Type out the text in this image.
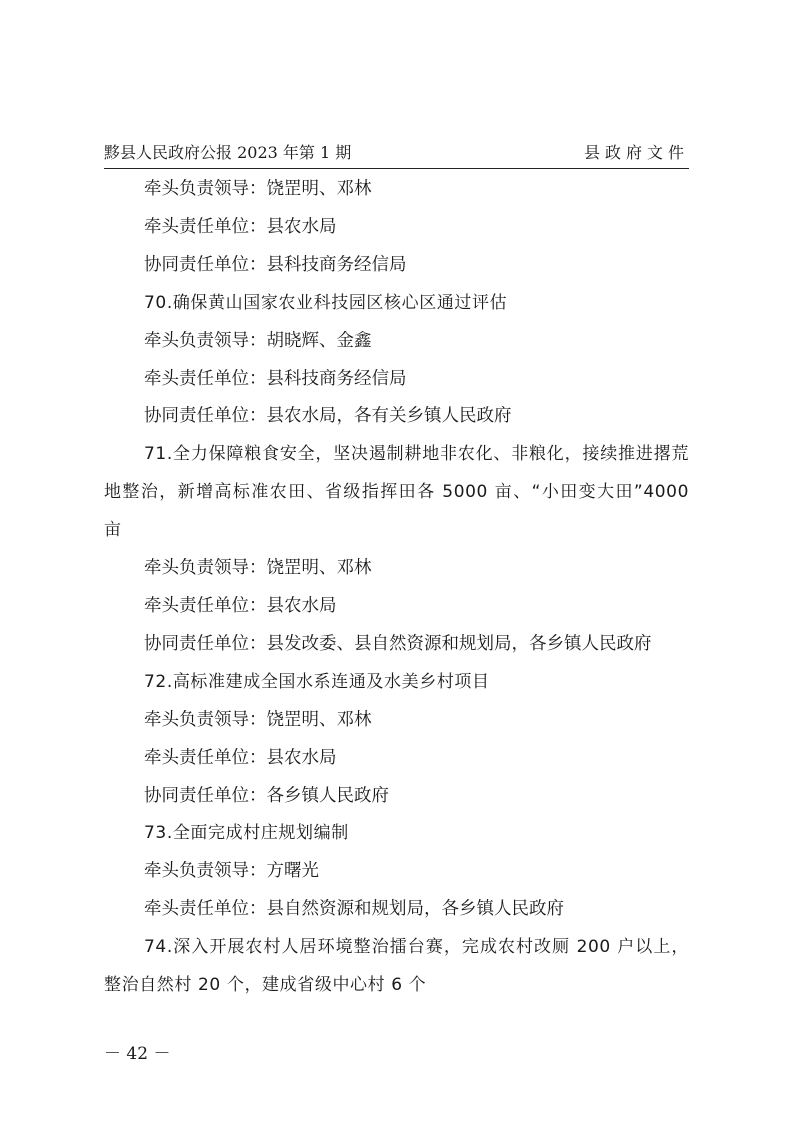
黟县人民政府公报 2023 年第 1 期	县政府文件
牵头负责领导：饶罡明、邓林
牵头责任单位：县农水局
协同责任单位：县科技商务经信局
70.确保黄山国家农业科技园区核心区通过评估
牵头负责领导：胡晓辉、金鑫
牵头责任单位：县科技商务经信局
协同责任单位：县农水局，各有关乡镇人民政府
71.全力保障粮食安全，坚决遏制耕地非农化、非粮化，接续推进撂荒地整治，新增高标准农田、省级指挥田各 5000 亩、“小田变大田”4000 亩
牵头负责领导：饶罡明、邓林
牵头责任单位：县农水局
协同责任单位：县发改委、县自然资源和规划局，各乡镇人民政府
72.高标准建成全国水系连通及水美乡村项目
牵头负责领导：饶罡明、邓林
牵头责任单位：县农水局
协同责任单位：各乡镇人民政府
73.全面完成村庄规划编制
牵头负责领导：方曙光
牵头责任单位：县自然资源和规划局，各乡镇人民政府
74.深入开展农村人居环境整治擂台赛，完成农村改厕 200 户以上，整治自然村 20 个，建成省级中心村 6 个
－ 42 －
